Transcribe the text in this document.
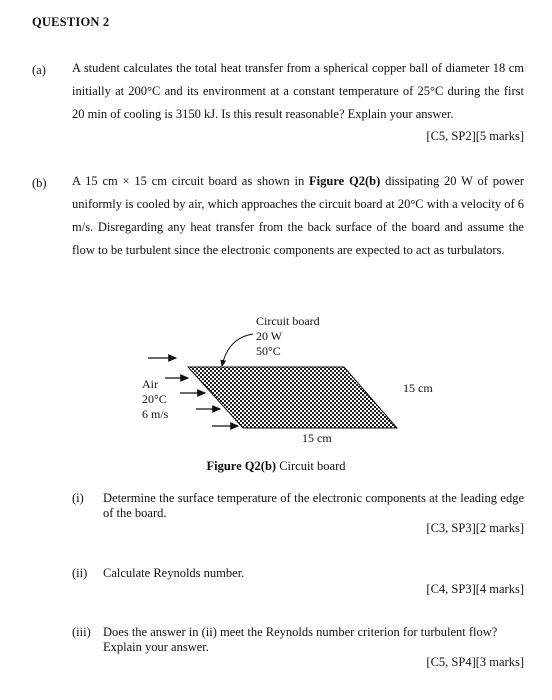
QUESTION 2
(a) A student calculates the total heat transfer from a spherical copper ball of diameter 18 cm initially at 200°C and its environment at a constant temperature of 25°C during the first 20 min of cooling is 3150 kJ. Is this result reasonable? Explain your answer.
[C5, SP2][5 marks]
(b) A 15 cm × 15 cm circuit board as shown in Figure Q2(b) dissipating 20 W of power uniformly is cooled by air, which approaches the circuit board at 20°C with a velocity of 6 m/s. Disregarding any heat transfer from the back surface of the board and assume the flow to be turbulent since the electronic components are expected to act as turbulators.
Circuit board
20 W
50°C
Air
20°C
6 m/s
15 cm
15 cm
Figure Q2(b) Circuit board
(i) Determine the surface temperature of the electronic components at the leading edge of the board.
[C3, SP3][2 marks]
(ii) Calculate Reynolds number.
[C4, SP3][4 marks]
(iii) Does the answer in (ii) meet the Reynolds number criterion for turbulent flow? Explain your answer.
[C5, SP4][3 marks]
